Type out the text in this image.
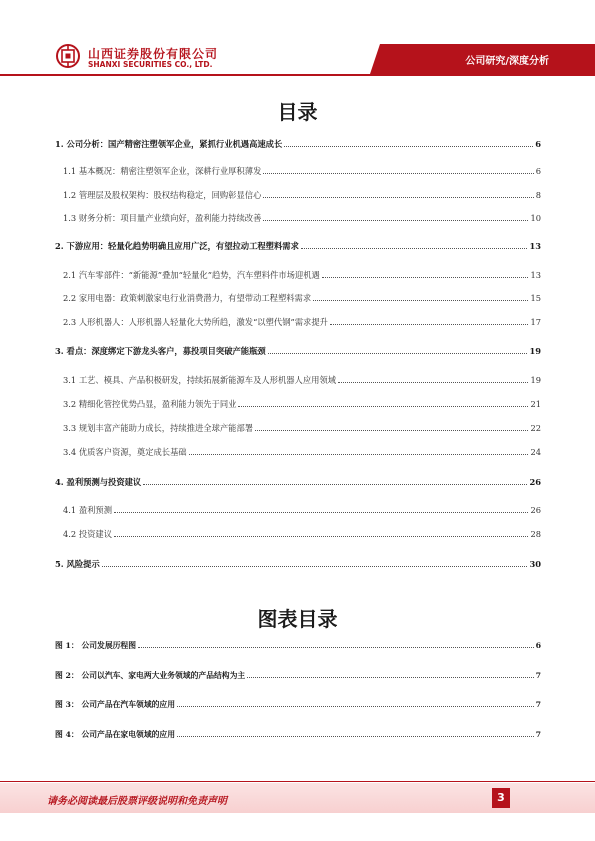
山西证券股份有限公司
SHANXI SECURITIES CO., LTD.	公司研究/深度分析
目录
1. 公司分析：国产精密注塑领军企业，紧抓行业机遇高速成长	6
1.1 基本概况：精密注塑领军企业，深耕行业厚积薄发	6
1.2 管理层及股权架构：股权结构稳定，回购彰显信心	8
1.3 财务分析：项目量产业绩向好，盈利能力持续改善	10
2. 下游应用：轻量化趋势明确且应用广泛，有望拉动工程塑料需求	13
2.1 汽车零部件：“新能源”叠加“轻量化”趋势，汽车塑料件市场迎机遇	13
2.2 家用电器：政策刺激家电行业消费潜力，有望带动工程塑料需求	15
2.3 人形机器人：人形机器人轻量化大势所趋，激发“以塑代钢”需求提升	17
3. 看点：深度绑定下游龙头客户，募投项目突破产能瓶颈	19
3.1 工艺、模具、产品积极研发，持续拓展新能源车及人形机器人应用领域	19
3.2 精细化管控优势凸显，盈利能力领先于同业	21
3.3 规划丰富产能助力成长，持续推进全球产能部署	22
3.4 优质客户资源，奠定成长基础	24
4. 盈利预测与投资建议	26
4.1 盈利预测	26
4.2 投资建议	28
5. 风险提示	30
图表目录
图 1： 公司发展历程图	6
图 2： 公司以汽车、家电两大业务领域的产品结构为主	7
图 3： 公司产品在汽车领域的应用	7
图 4： 公司产品在家电领域的应用	7
请务必阅读最后股票评级说明和免责声明	3
